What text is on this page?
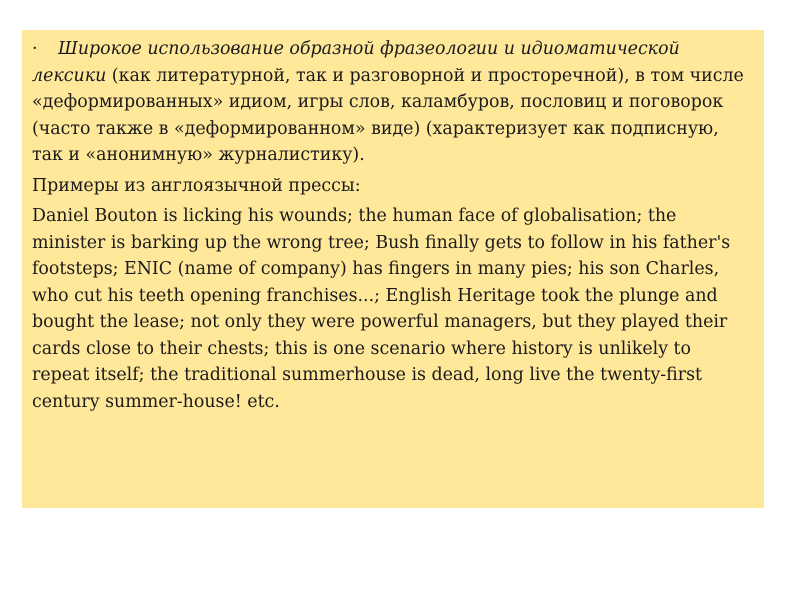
· Широкое использование образной фразеологии и идиоматической лексики (как литературной, так и разговорной и просторечной), в том числе «деформированных» идиом, игры слов, каламбуров, пословиц и поговорок (часто также в «деформированном» виде) (характеризует как подписную, так и «анонимную» журналистику).

Примеры из англоязычной прессы:

Daniel Bouton is licking his wounds; the human face of globalisation; the minister is barking up the wrong tree; Bush finally gets to follow in his father's footsteps; ENIC (name of company) has fingers in many pies; his son Charles, who cut his teeth opening franchises...; English Heritage took the plunge and bought the lease; not only they were powerful managers, but they played their cards close to their chests; this is one scenario where history is unlikely to repeat itself; the traditional summerhouse is dead, long live the twenty-first century summer-house! etc.
